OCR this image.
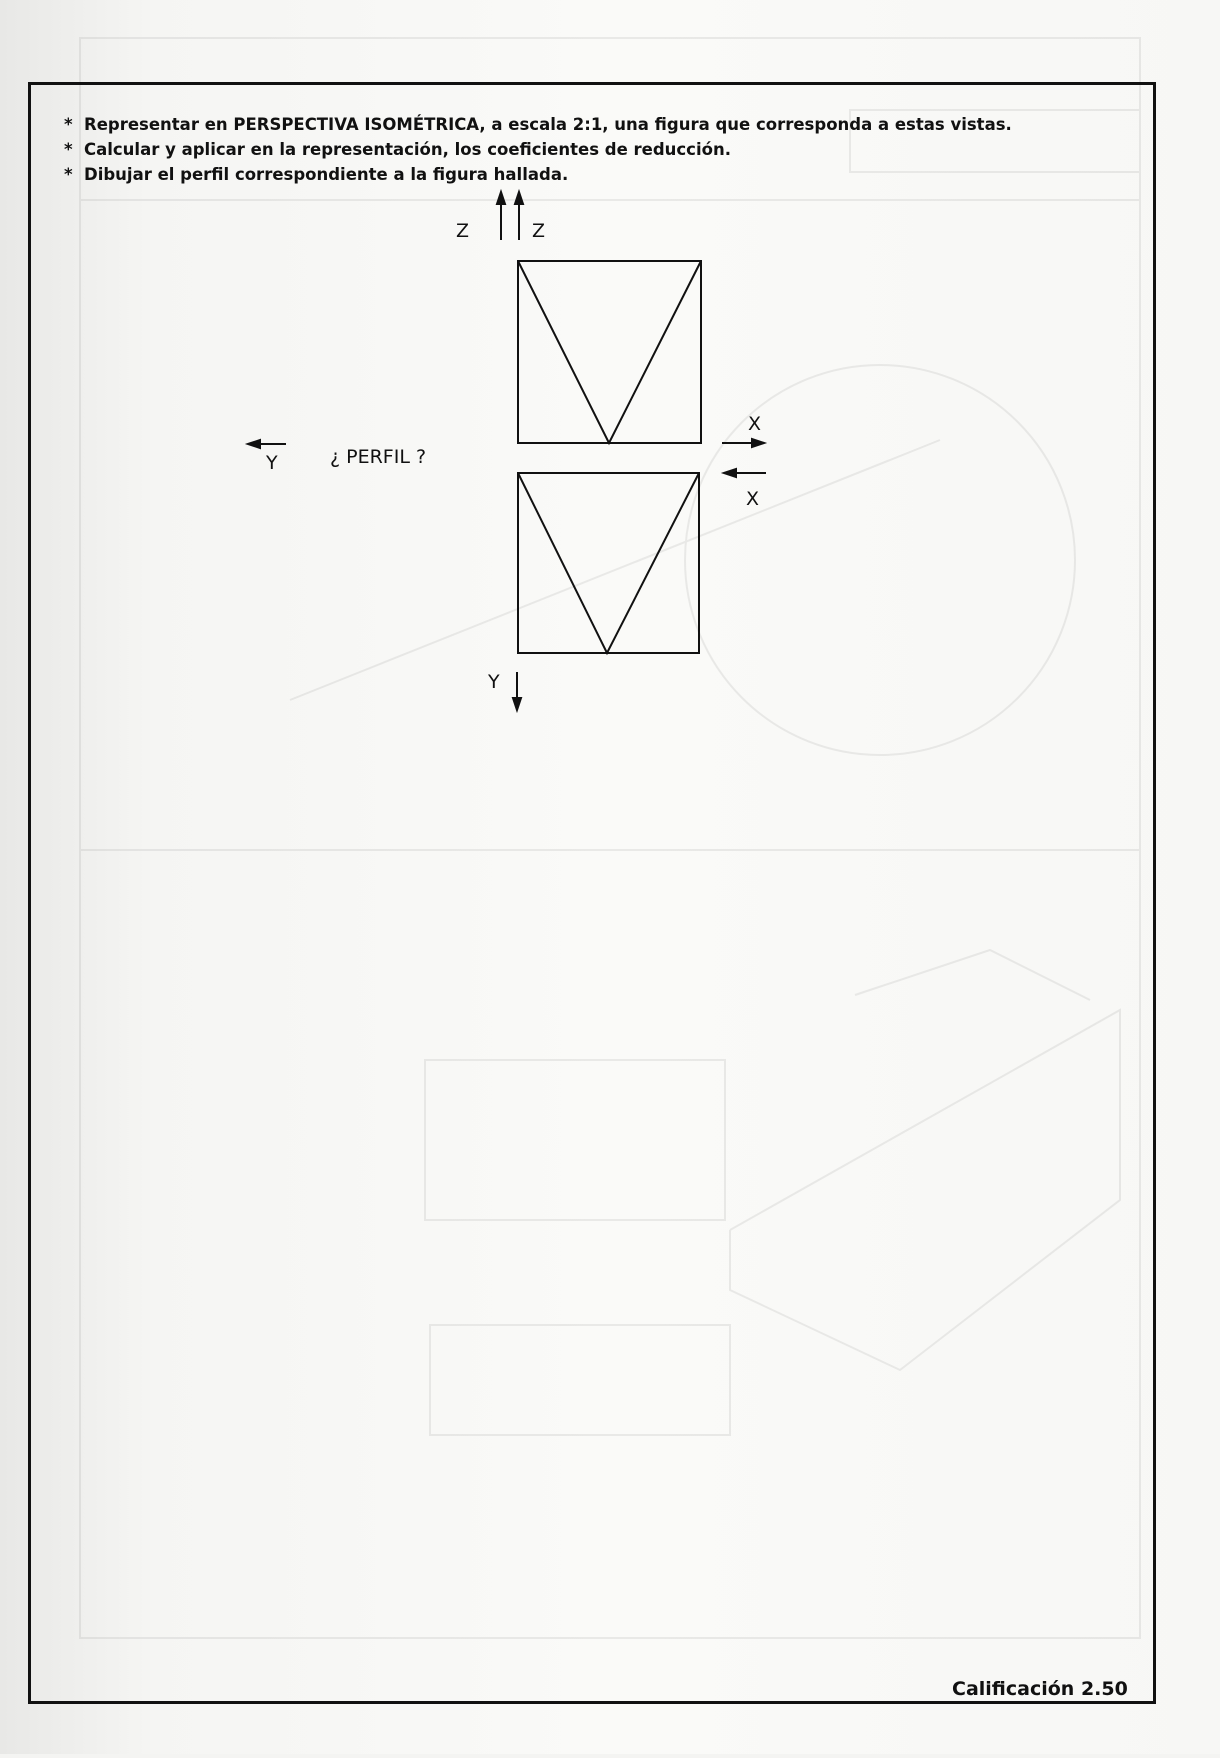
* Representar en PERSPECTIVA ISOMÉTRICA, a escala 2:1, una figura que corresponda a estas vistas.
* Calcular y aplicar en la representación, los coeficientes de reducción.
* Dibujar el perfil correspondiente a la figura hallada.
Z	Z
X
X
Y
Y
¿ PERFIL ?
Calificación 2.50
